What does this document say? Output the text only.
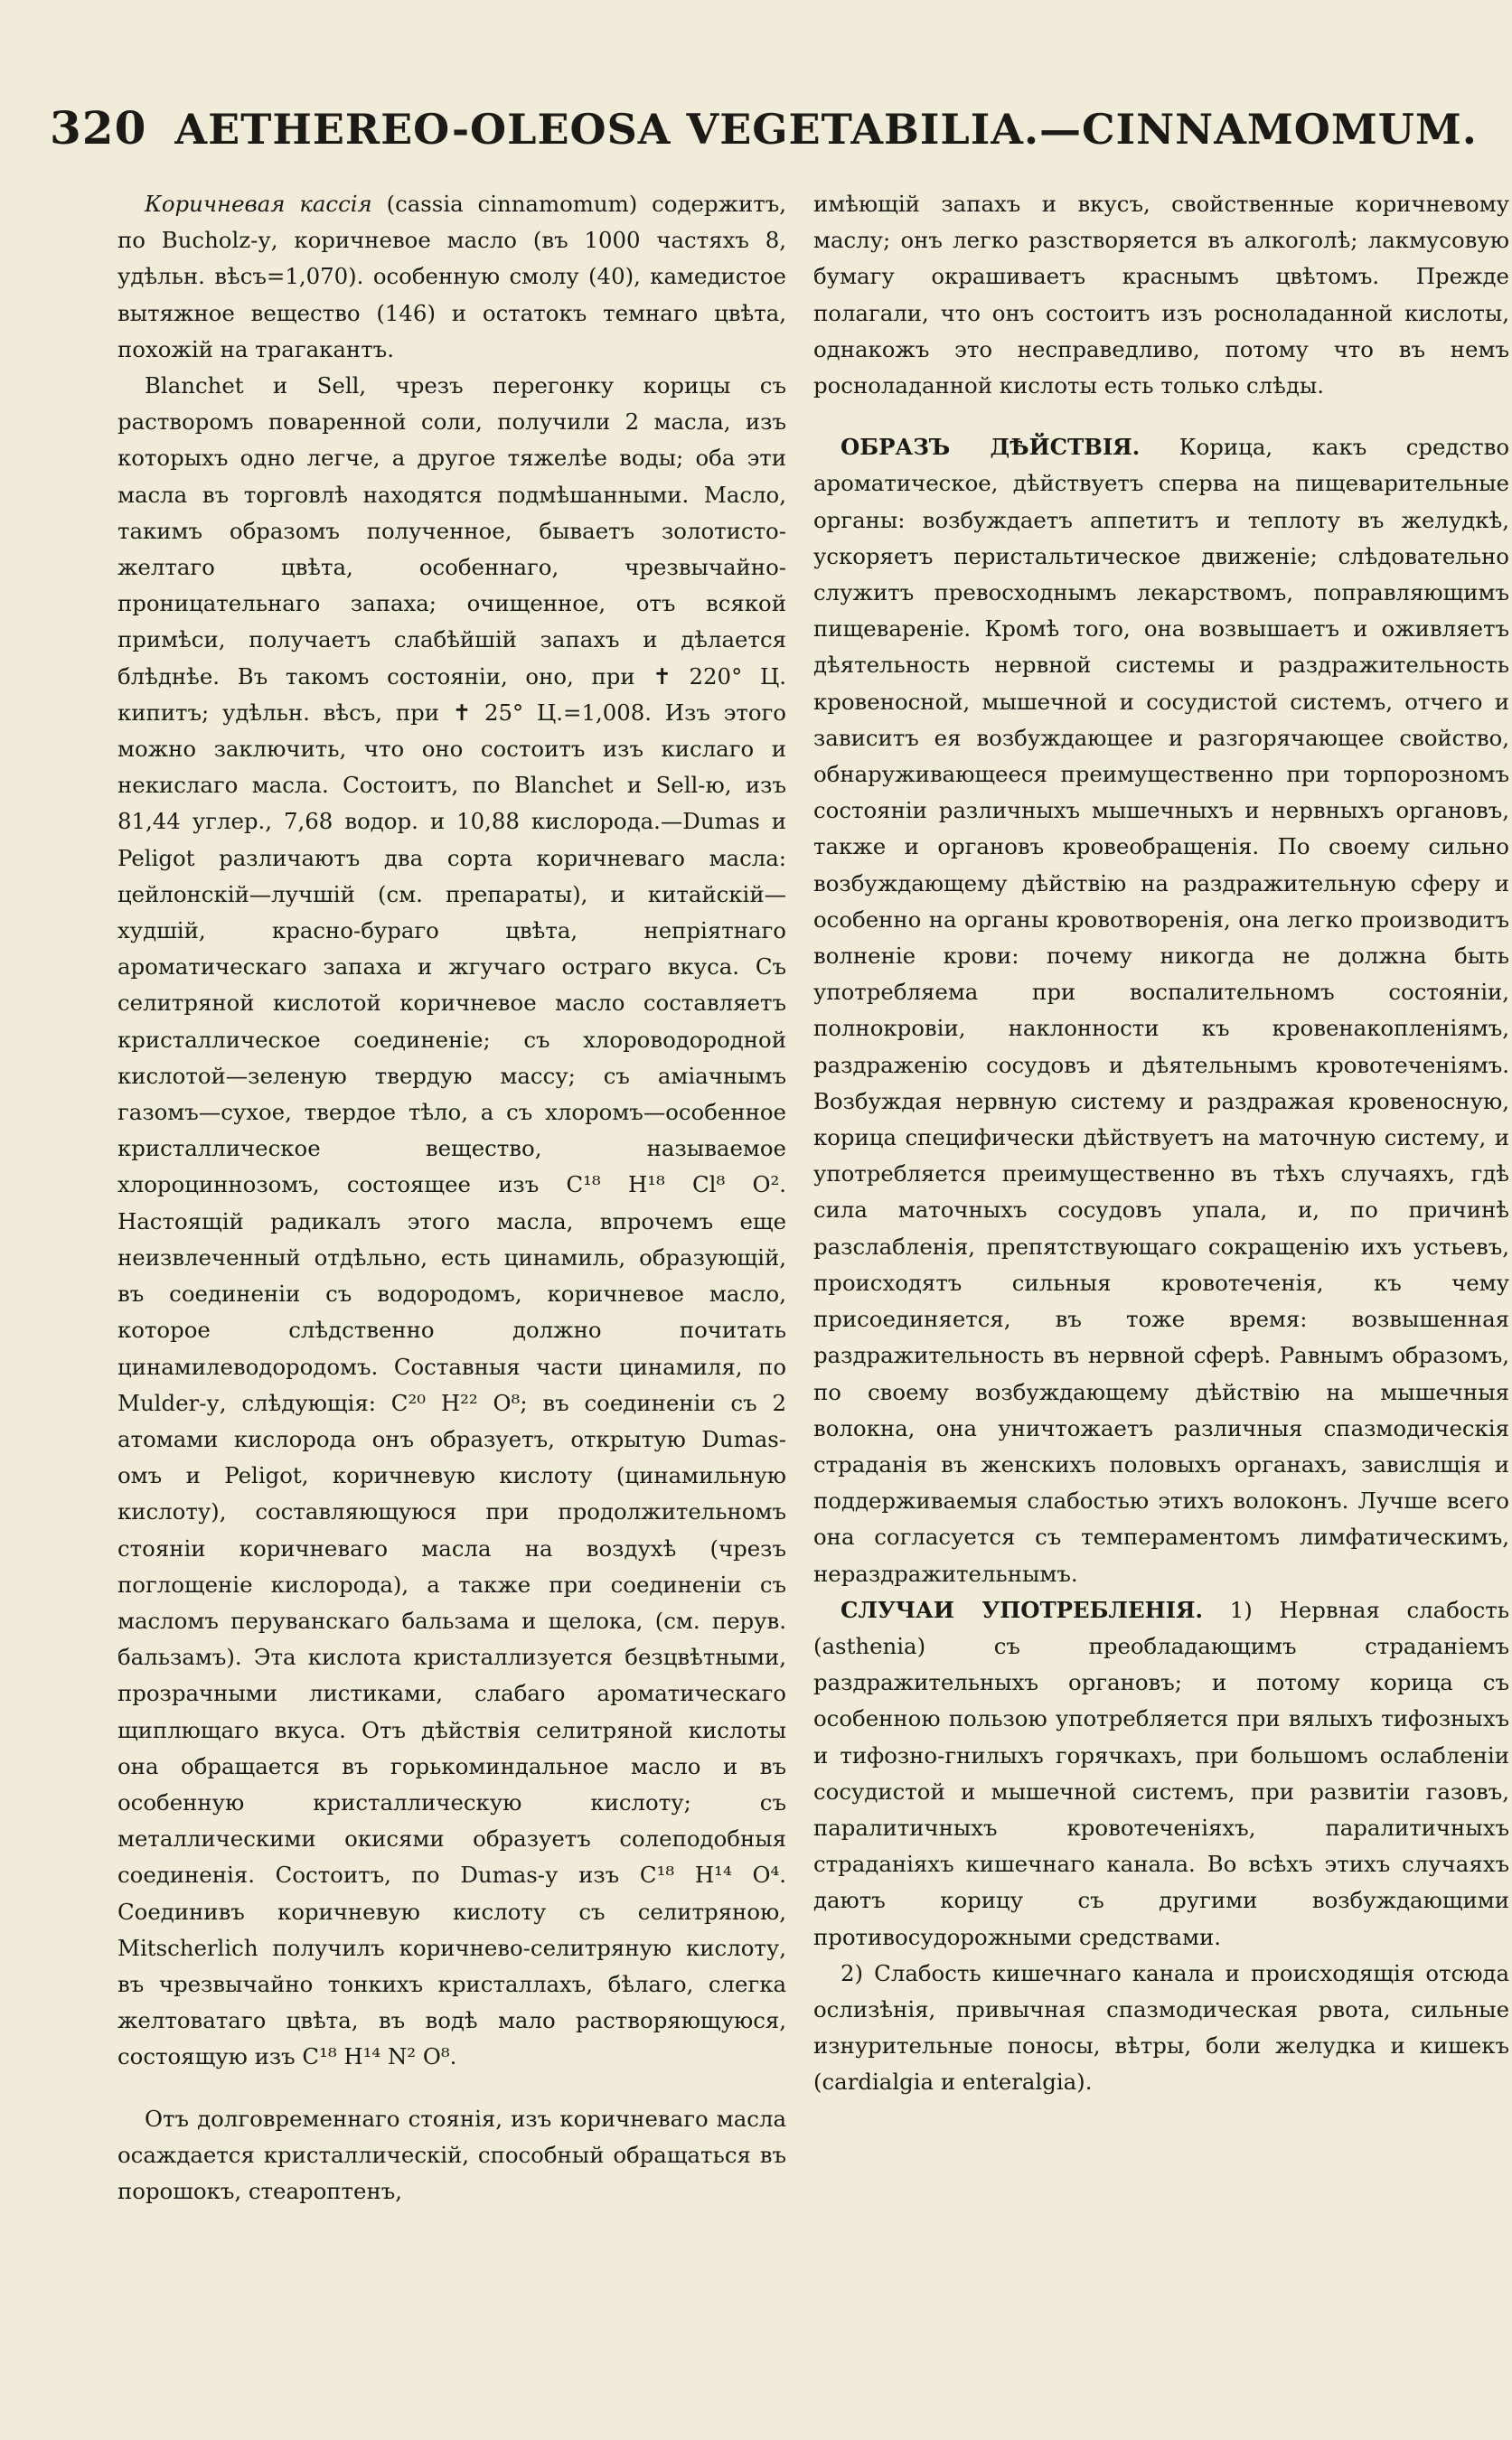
320 AETHEREO-OLEOSA VEGETABILIA.—CINNAMOMUM.

Коричневая кассія (cassia cinnamomum) содержитъ, по Bucholz-у, коричневое масло (въ 1000 частяхъ 8, удѣльн. вѣсъ=1,070). особенную смолу (40), камедистое вытяжное вещество (146) и остатокъ темнаго цвѣта, похожій на трагакантъ.

Blanchet и Sell, чрезъ перегонку корицы съ растворомъ поваренной соли, получили 2 масла, изъ которыхъ одно легче, а другое тяжелѣе воды; оба эти масла въ торговлѣ находятся подмѣшанными. Масло, такимъ образомъ полученное, бываетъ золотисто-желтаго цвѣта, особеннаго, чрезвычайно-проницательнаго запаха; очищенное, отъ всякой примѣси, получаетъ слабѣйшій запахъ и дѣлается блѣднѣе. Въ такомъ состояніи, оно, при ✝ 220° Ц. кипитъ; удѣльн. вѣсъ, при ✝ 25° Ц.=1,008. Изъ этого можно заключить, что оно состоитъ изъ кислаго и некислаго масла. Состоитъ, по Blanchet и Sell-ю, изъ 81,44 углер., 7,68 водор. и 10,88 кислорода.—Dumas и Peligot различаютъ два сорта коричневаго масла: цейлонскій—лучшій (см. препараты), и китайскій—худшій, красно-бураго цвѣта, непріятнаго ароматическаго запаха и жгучаго остраго вкуса. Съ селитряной кислотой коричневое масло составляетъ кристаллическое соединеніе; съ хлороводородной кислотой—зеленую твердую массу; съ аміачнымъ газомъ—сухое, твердое тѣло, а съ хлоромъ—особенное кристаллическое вещество, называемое хлороциннозомъ, состоящее изъ C¹⁸ H¹⁸ Cl⁸ O². Настоящій радикалъ этого масла, впрочемъ еще неизвлеченный отдѣльно, есть цинамиль, образующій, въ соединеніи съ водородомъ, коричневое масло, которое слѣдственно должно почитать цинамилеводородомъ. Составныя части цинамиля, по Mulder-у, слѣдующія: C²⁰ H²² O⁸; въ соединеніи съ 2 атомами кислорода онъ образуетъ, открытую Dumas-омъ и Peligot, коричневую кислоту (цинамильную кислоту), составляющуюся при продолжительномъ стояніи коричневаго масла на воздухѣ (чрезъ поглощеніе кислорода), а также при соединеніи съ масломъ перуванскаго бальзама и щелока, (см. перув. бальзамъ). Эта кислота кристаллизуется безцвѣтными, прозрачными листиками, слабаго ароматическаго щиплющаго вкуса. Отъ дѣйствія селитряной кислоты она обращается въ горькоминдальное масло и въ особенную кристаллическую кислоту; съ металлическими окисями образуетъ солеподобныя соединенія. Состоитъ, по Dumas-у изъ C¹⁸ H¹⁴ O⁴. Соединивъ коричневую кислоту съ селитряною, Mitscherlich получилъ коричнево-селитряную кислоту, въ чрезвычайно тонкихъ кристаллахъ, бѣлаго, слегка желтоватаго цвѣта, въ водѣ мало растворяющуюся, состоящую изъ C¹⁸ H¹⁴ N² O⁸.

Отъ долговременнаго стоянія, изъ коричневаго масла осаждается кристаллическій, способный обращаться въ порошокъ, стеароптенъ,

имѣющій запахъ и вкусъ, свойственные коричневому маслу; онъ легко разстворяется въ алкоголѣ; лакмусовую бумагу окрашиваетъ краснымъ цвѣтомъ. Прежде полагали, что онъ состоитъ изъ росноладанной кислоты, однакожъ это несправедливо, потому что въ немъ росноладанной кислоты есть только слѣды.

ОБРАЗЪ ДѢЙСТВІЯ. Корица, какъ средство ароматическое, дѣйствуетъ сперва на пищеварительные органы: возбуждаетъ аппетитъ и теплоту въ желудкѣ, ускоряетъ перистальтическое движеніе; слѣдовательно служитъ превосходнымъ лекарствомъ, поправляющимъ пищевареніе. Кромѣ того, она возвышаетъ и оживляетъ дѣятельность нервной системы и раздражительность кровеносной, мышечной и сосудистой системъ, отчего и зависитъ ея возбуждающее и разгорячающее свойство, обнаруживающееся преимущественно при торпорозномъ состояніи различныхъ мышечныхъ и нервныхъ органовъ, также и органовъ кровеобращенія. По своему сильно возбуждающему дѣйствію на раздражительную сферу и особенно на органы кровотворенія, она легко производитъ волненіе крови: почему никогда не должна быть употребляема при воспалительномъ состояніи, полнокровіи, наклонности къ кровенакопленіямъ, раздраженію сосудовъ и дѣятельнымъ кровотеченіямъ. Возбуждая нервную систему и раздражая кровеносную, корица специфически дѣйствуетъ на маточную систему, и употребляется преимущественно въ тѣхъ случаяхъ, гдѣ сила маточныхъ сосудовъ упала, и, по причинѣ разслабленія, препятствующаго сокращенію ихъ устьевъ, происходятъ сильныя кровотеченія, къ чему присоединяется, въ тоже время: возвышенная раздражительность въ нервной сферѣ. Равнымъ образомъ, по своему возбуждающему дѣйствію на мышечныя волокна, она уничтожаетъ различныя спазмодическія страданія въ женскихъ половыхъ органахъ, завислщія и поддерживаемыя слабостью этихъ волоконъ. Лучше всего она согласуется съ темпераментомъ лимфатическимъ, нераздражительнымъ.

СЛУЧАИ УПОТРЕБЛЕНІЯ. 1) Нервная слабость (asthenia) съ преобладающимъ страданіемъ раздражительныхъ органовъ; и потому корица съ особенною пользою употребляется при вялыхъ тифозныхъ и тифозно-гнилыхъ горячкахъ, при большомъ ослабленіи сосудистой и мышечной системъ, при развитіи газовъ, паралитичныхъ кровотеченіяхъ, паралитичныхъ страданіяхъ кишечнаго канала. Во всѣхъ этихъ случаяхъ даютъ корицу съ другими возбуждающими противосудорожными средствами.

2) Слабость кишечнаго канала и происходящія отсюда ослизѣнія, привычная спазмодическая рвота, сильные изнурительные поносы, вѣтры, боли желудка и кишекъ (cardialgia и enteralgia).
